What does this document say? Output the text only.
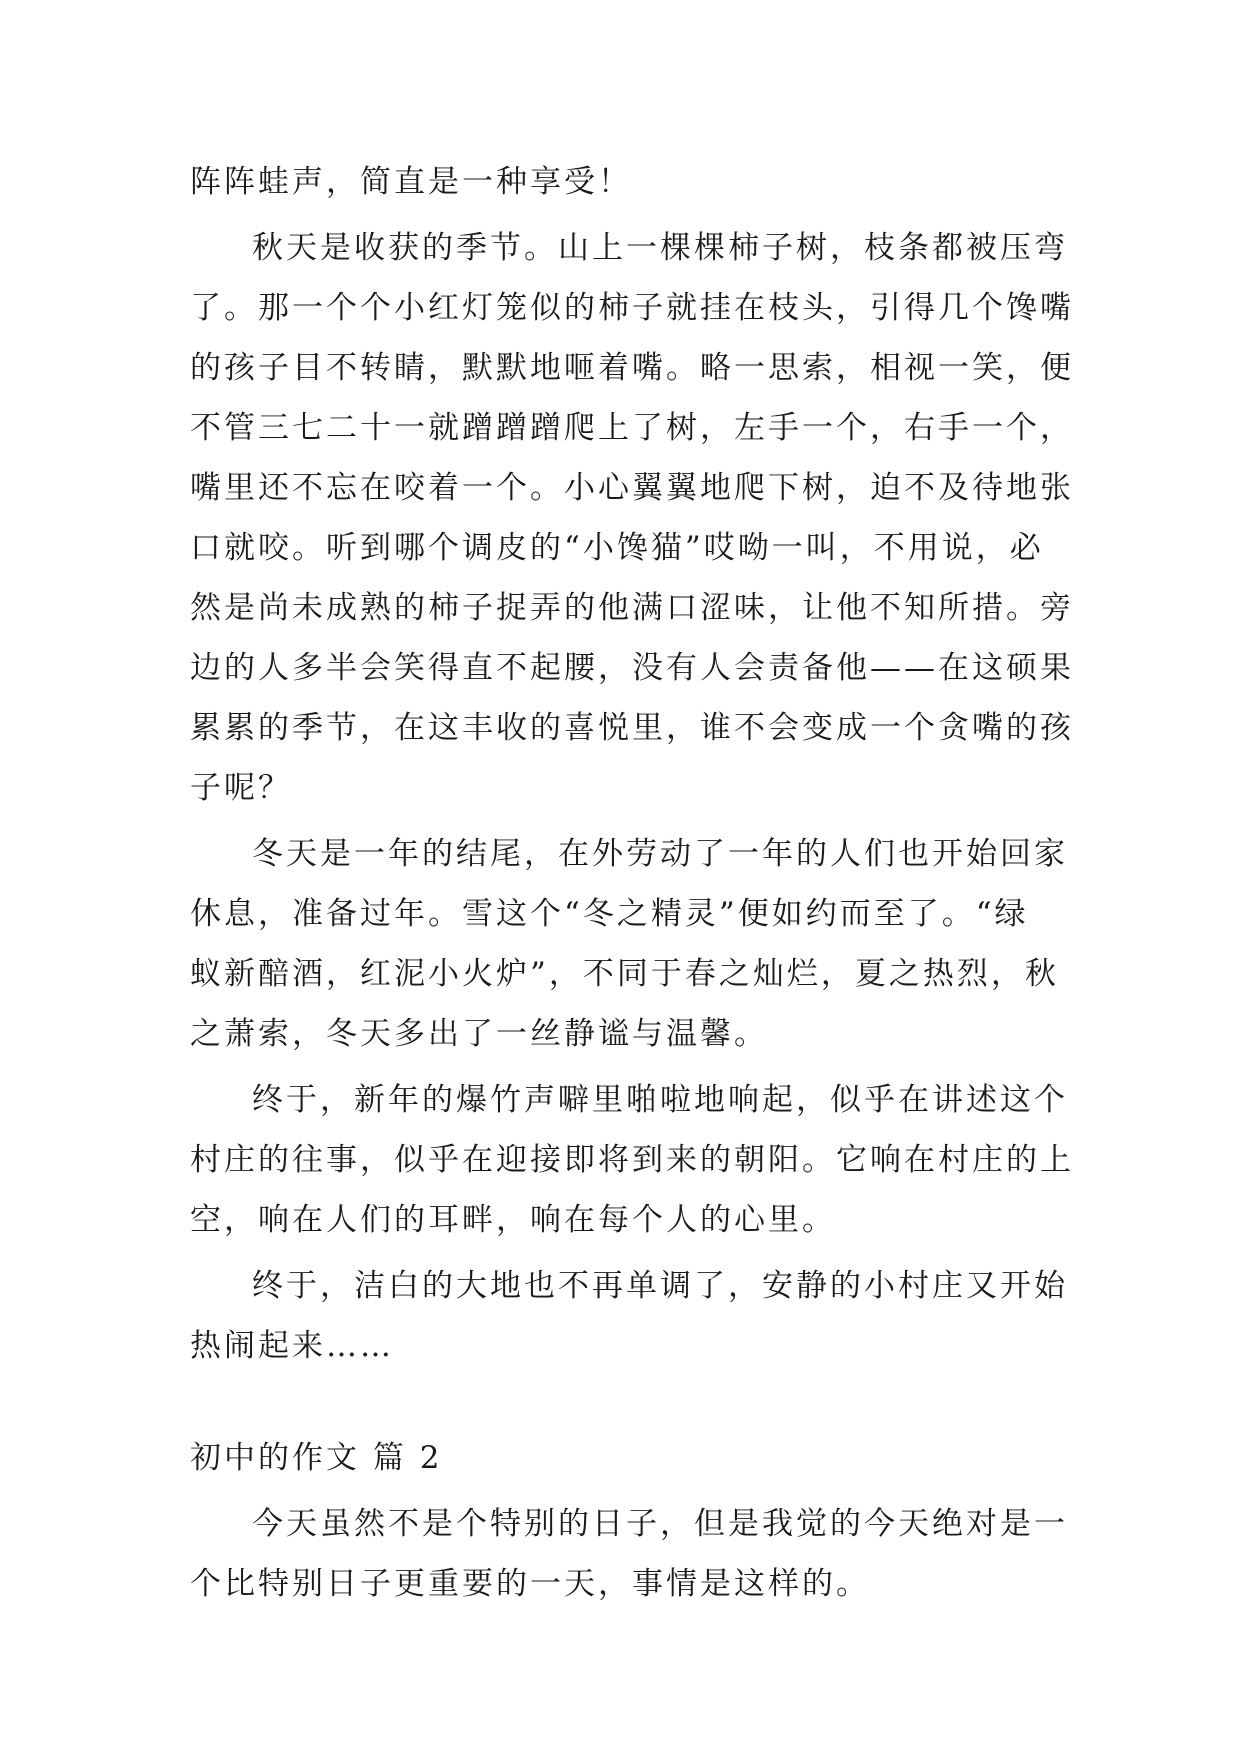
阵阵蛙声，简直是一种享受！
秋天是收获的季节。山上一棵棵柿子树，枝条都被压弯
了。那一个个小红灯笼似的柿子就挂在枝头，引得几个馋嘴
的孩子目不转睛，默默地咂着嘴。略一思索，相视一笑，便
不管三七二十一就蹭蹭蹭爬上了树，左手一个，右手一个，
嘴里还不忘在咬着一个。小心翼翼地爬下树，迫不及待地张
口就咬。听到哪个调皮的“小馋猫”哎呦一叫，不用说，必
然是尚未成熟的柿子捉弄的他满口涩味，让他不知所措。旁
边的人多半会笑得直不起腰，没有人会责备他——在这硕果
累累的季节，在这丰收的喜悦里，谁不会变成一个贪嘴的孩
子呢？
冬天是一年的结尾，在外劳动了一年的人们也开始回家
休息，准备过年。雪这个“冬之精灵”便如约而至了。“绿
蚁新醅酒，红泥小火炉”，不同于春之灿烂，夏之热烈，秋
之萧索，冬天多出了一丝静谧与温馨。
终于，新年的爆竹声噼里啪啦地响起，似乎在讲述这个
村庄的往事，似乎在迎接即将到来的朝阳。它响在村庄的上
空，响在人们的耳畔，响在每个人的心里。
终于，洁白的大地也不再单调了，安静的小村庄又开始
热闹起来……
初中的作文 篇 2
今天虽然不是个特别的日子，但是我觉的今天绝对是一
个比特别日子更重要的一天，事情是这样的。
